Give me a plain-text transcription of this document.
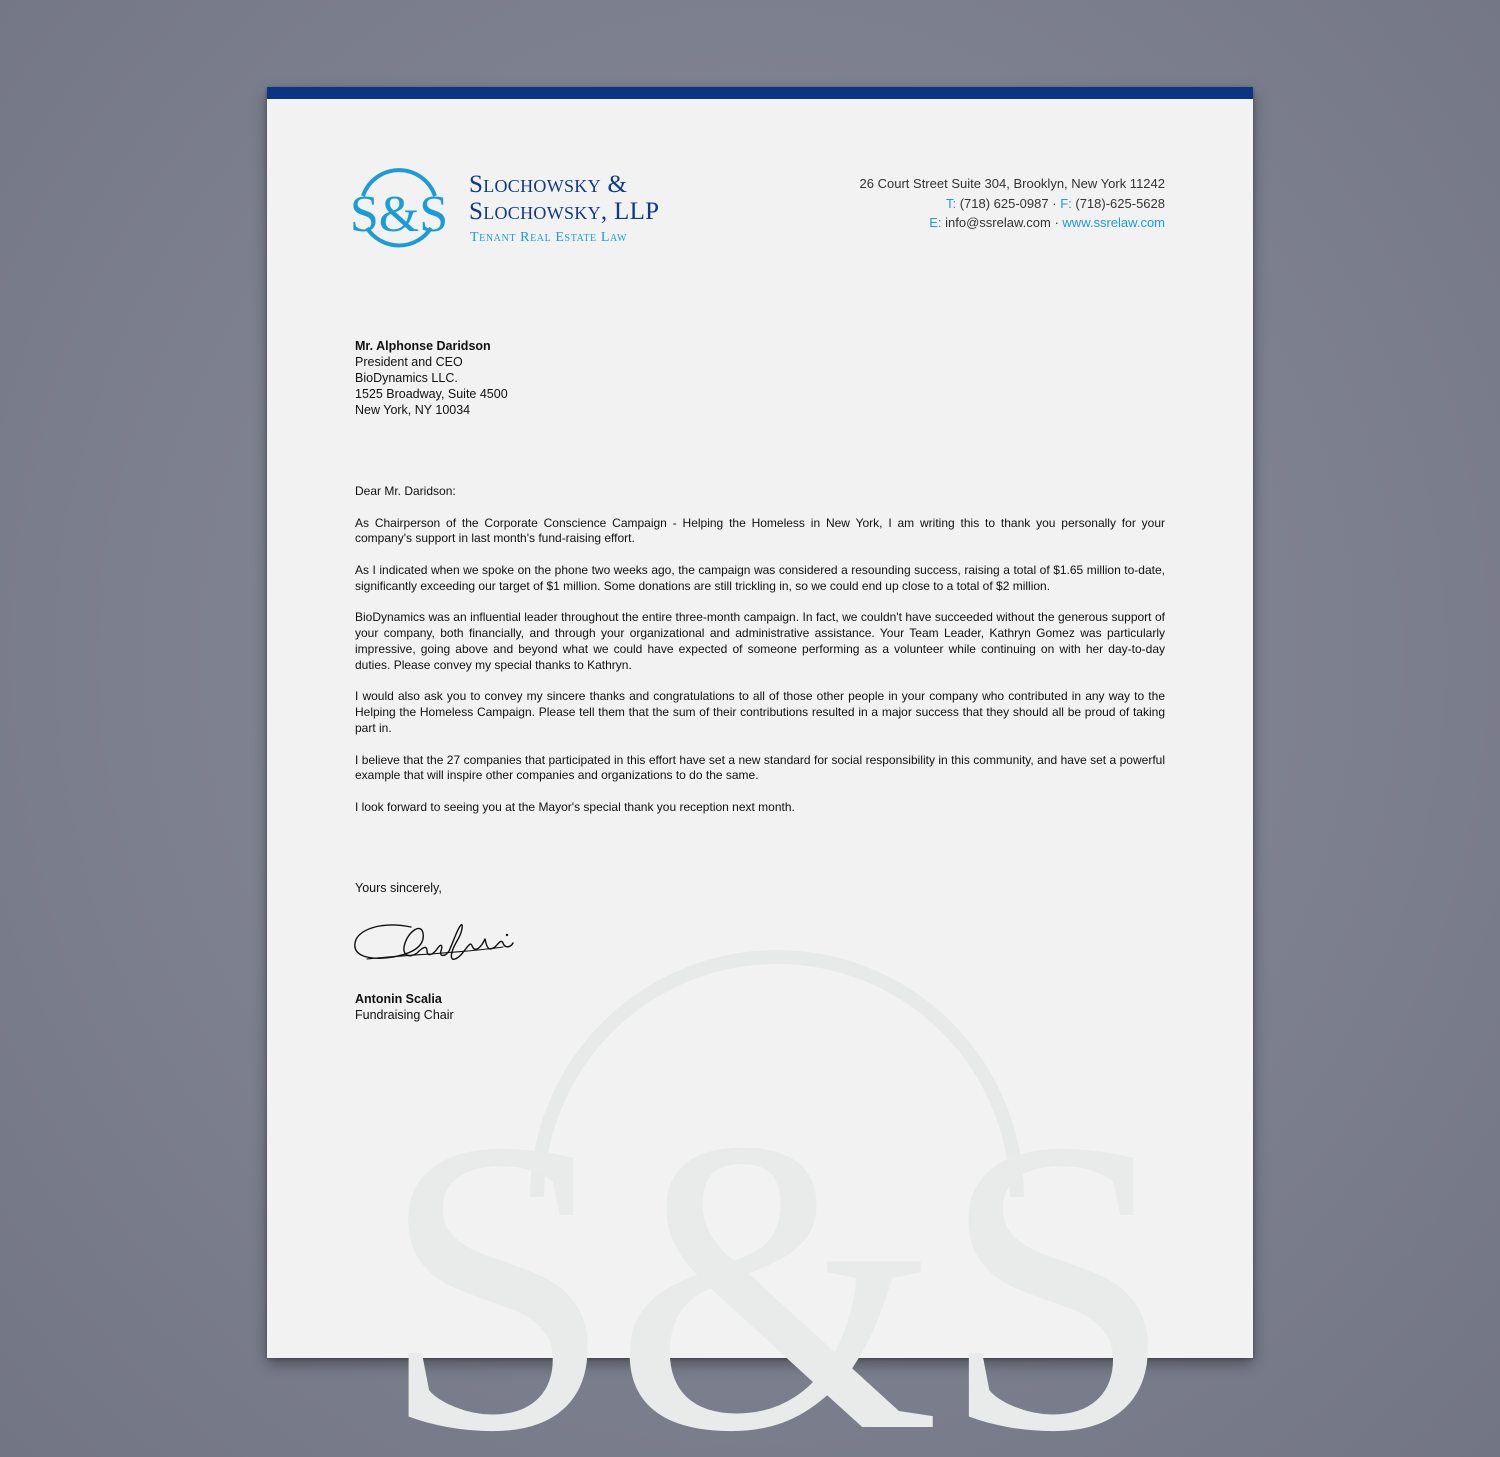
S&S
S&S
Slochowsky &
Slochowsky, LLP
Tenant Real Estate Law
26 Court Street Suite 304, Brooklyn, New York 11242
T: (718) 625-0987 · F: (718)-625-5628
E: info@ssrelaw.com · www.ssrelaw.com
Mr. Alphonse Daridson
President and CEO
BioDynamics LLC.
1525 Broadway, Suite 4500
New York, NY 10034

Dear Mr. Daridson:

As Chairperson of the Corporate Conscience Campaign - Helping the Homeless in New York, I am writing this to thank you personally for your company's support in last month's fund-raising effort.

As I indicated when we spoke on the phone two weeks ago, the campaign was considered a resounding success, raising a total of $1.65 million to-date, significantly exceeding our target of $1 million. Some donations are still trickling in, so we could end up close to a total of $2 million.

BioDynamics was an influential leader throughout the entire three-month campaign. In fact, we couldn't have succeeded without the generous support of your company, both financially, and through your organizational and administrative assistance. Your Team Leader, Kathryn Gomez was particularly impressive, going above and beyond what we could have expected of someone performing as a volunteer while continuing on with her day-to-day duties. Please convey my special thanks to Kathryn.

I would also ask you to convey my sincere thanks and congratulations to all of those other people in your company who contributed in any way to the Helping the Homeless Campaign. Please tell them that the sum of their contributions resulted in a major success that they should all be proud of taking part in.

I believe that the 27 companies that participated in this effort have set a new standard for social responsibility in this community, and have set a powerful example that will inspire other companies and organizations to do the same.

I look forward to seeing you at the Mayor's special thank you reception next month.

Yours sincerely,
Antonin Scalia
Fundraising Chair
